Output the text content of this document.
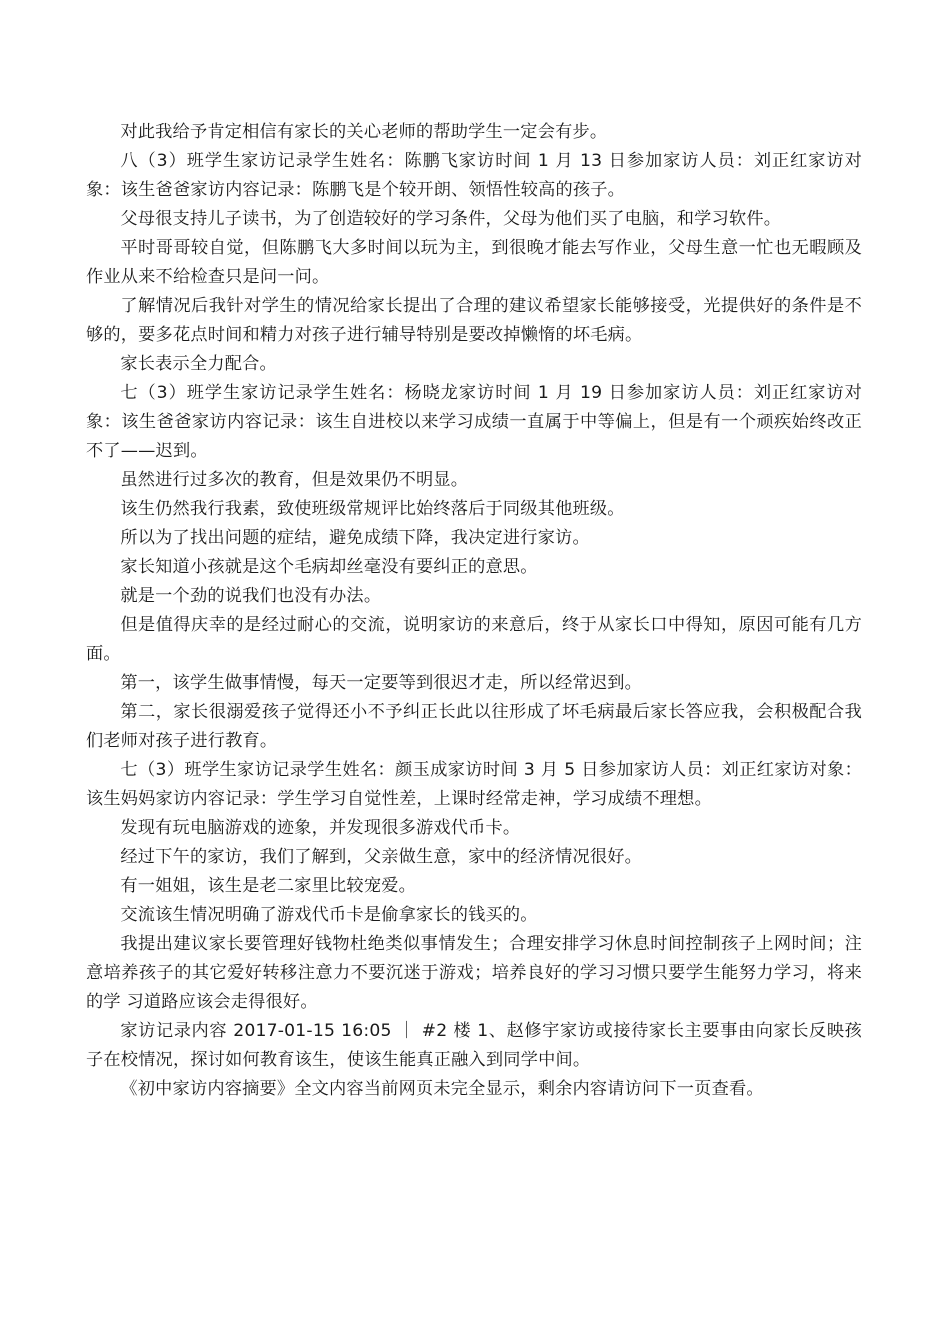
对此我给予肯定相信有家长的关心老师的帮助学生一定会有步。

八（3）班学生家访记录学生姓名：陈鹏飞家访时间 1 月 13 日参加家访人员：刘正红家访对象：该生爸爸家访内容记录：陈鹏飞是个较开朗、领悟性较高的孩子。

父母很支持儿子读书，为了创造较好的学习条件，父母为他们买了电脑，和学习软件。

平时哥哥较自觉，但陈鹏飞大多时间以玩为主，到很晚才能去写作业，父母生意一忙也无暇顾及作业从来不给检查只是问一问。

了解情况后我针对学生的情况给家长提出了合理的建议希望家长能够接受，光提供好的条件是不够的，要多花点时间和精力对孩子进行辅导特别是要改掉懒惰的坏毛病。

家长表示全力配合。

七（3）班学生家访记录学生姓名：杨晓龙家访时间 1 月 19 日参加家访人员：刘正红家访对象：该生爸爸家访内容记录：该生自进校以来学习成绩一直属于中等偏上，但是有一个顽疾始终改正不了——迟到。

虽然进行过多次的教育，但是效果仍不明显。

该生仍然我行我素，致使班级常规评比始终落后于同级其他班级。

所以为了找出问题的症结，避免成绩下降，我决定进行家访。

家长知道小孩就是这个毛病却丝毫没有要纠正的意思。

就是一个劲的说我们也没有办法。

但是值得庆幸的是经过耐心的交流，说明家访的来意后，终于从家长口中得知，原因可能有几方面。

第一，该学生做事情慢，每天一定要等到很迟才走，所以经常迟到。

第二，家长很溺爱孩子觉得还小不予纠正长此以往形成了坏毛病最后家长答应我，会积极配合我们老师对孩子进行教育。

七（3）班学生家访记录学生姓名：颜玉成家访时间 3 月 5 日参加家访人员：刘正红家访对象：该生妈妈家访内容记录：学生学习自觉性差，上课时经常走神，学习成绩不理想。

发现有玩电脑游戏的迹象，并发现很多游戏代币卡。

经过下午的家访，我们了解到，父亲做生意，家中的经济情况很好。

有一姐姐，该生是老二家里比较宠爱。

交流该生情况明确了游戏代币卡是偷拿家长的钱买的。

我提出建议家长要管理好钱物杜绝类似事情发生；合理安排学习休息时间控制孩子上网时间；注意培养孩子的其它爱好转移注意力不要沉迷于游戏；培养良好的学习习惯只要学生能努力学习，将来的学 习道路应该会走得很好。

家访记录内容 2017-01-15 16:05 ｜ #2 楼 1、赵修宇家访或接待家长主要事由向家长反映孩子在校情况，探讨如何教育该生，使该生能真正融入到同学中间。

《初中家访内容摘要》全文内容当前网页未完全显示，剩余内容请访问下一页查看。
